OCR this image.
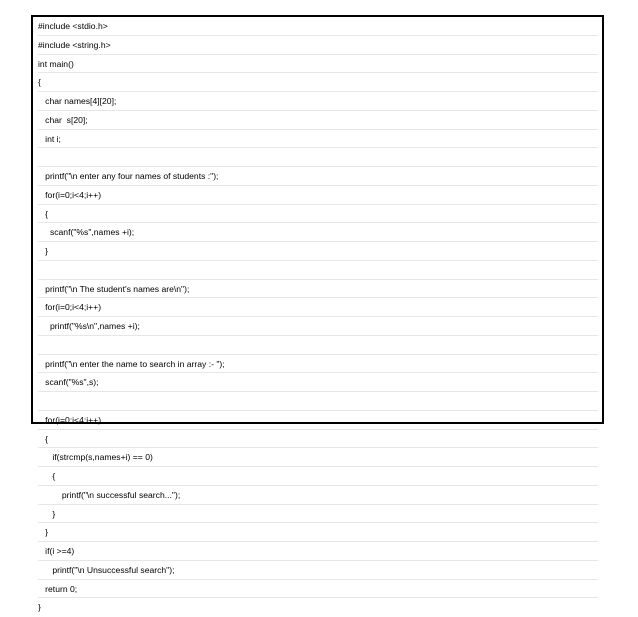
#include <stdio.h>
#include <string.h>
int main()
{
char names[4][20];
char  s[20];
int i;
printf("\n enter any four names of students :");
for(i=0;i<4;i++)
{
scanf("%s",names +i);
}
printf("\n The student's names are\n");
for(i=0;i<4;i++)
printf("%s\n",names +i);
printf("\n enter the name to search in array :- ");
scanf("%s",s);
for(i=0;i<4;i++)
{
if(strcmp(s,names+i) == 0)
{
printf("\n successful search...");
}
}
if(i >=4)
printf("\n Unsuccessful search");
return 0;
}
